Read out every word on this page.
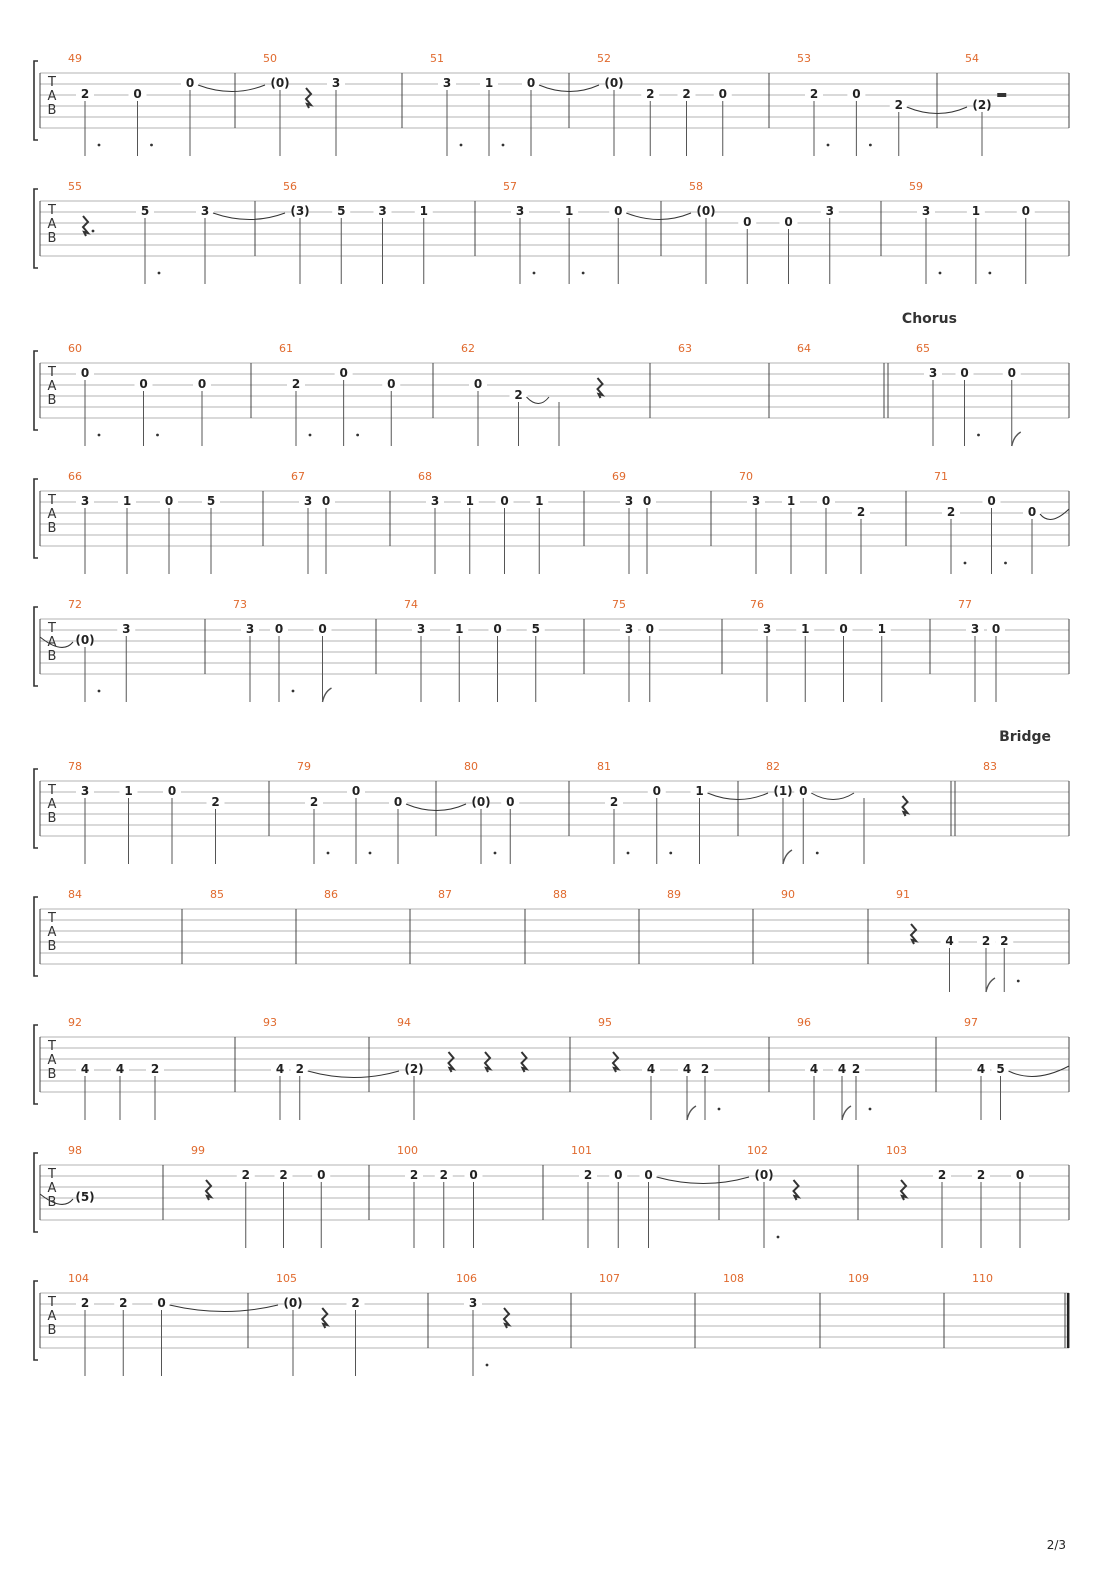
T
A
B
49
2	0
0
50
(0)	3
51
3	1	0
52
(0)
2 2 0
53
2	0
2
54
(2)
T
A
B
55
5	3
56
(3) 5	3	1
57
3	1	0
58
(0)
0	0
3
59
3	1	0
T
A
B
Chorus
60
0
0	0
61
2
0
0
62
0
2
63	64	65
3 0	0
T
A
B
66
3	1	0	5
67
3 0
68
3 1 0 1
69
3 0
70
3 1 0
2
71
2
0
0
T
A
B
72
(0)
3
73
3 0	0
74
3 1 0 5
75
3 0
76
3 1 0 1
77
3 0
T
A
B
Bridge
78
3	1	0
2
79
2
0
0
80
(0) 0
81
2
0	1
82
(1) 0
83
T
A
B
84	85	86	87	88	89	90	91
4 2 2
T
A
B
92
4 4 2
93
4 2
94
(2)
95
4 4 2
96
4 4 2
97
4 5
T
A
B
98
(5)
99
2 2 0
100
2 2 0
101
2 0 0
102
(0)
103
2	2	0
T
A
B
104
2 2 0
105
(0)	2
106
3
107	108	109	110
2/3
